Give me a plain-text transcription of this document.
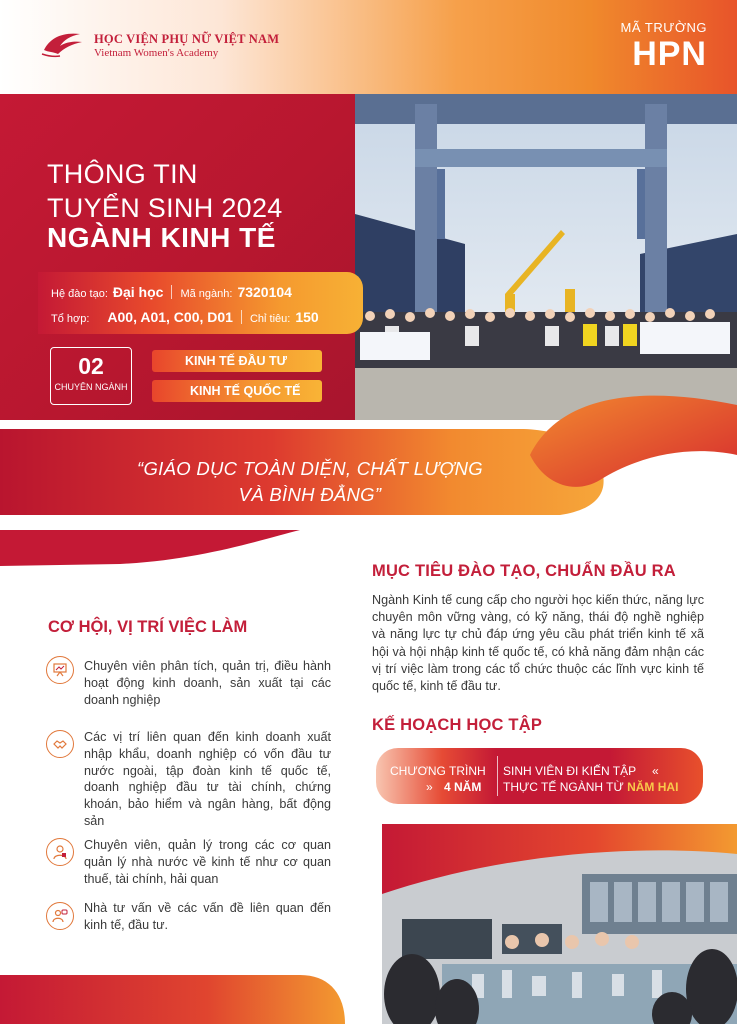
HỌC VIỆN PHỤ NỮ VIỆT NAM
Vietnam Women's Academy
MÃ TRƯỜNG
HPN
THÔNG TIN
TUYỂN SINH 2024
NGÀNH KINH TẾ
Hệ đào tạo: Đại học Mã ngành: 7320104
Tổ hợp: A00, A01, C00, D01 Chỉ tiêu: 150
02
CHUYÊN NGÀNH
KINH TẾ ĐẦU TƯ
KINH TẾ QUỐC TẾ
“GIÁO DỤC TOÀN DIỆN, CHẤT LƯỢNG
VÀ BÌNH ĐẲNG”
MỤC TIÊU ĐÀO TẠO, CHUẨN ĐẦU RA
Ngành Kinh tế cung cấp cho người học kiến thức, năng lực chuyên môn vững vàng, có kỹ năng, thái độ nghề nghiệp và năng lực tự chủ đáp ứng yêu cầu phát triển kinh tế xã hội và hội nhập kinh tế quốc tế, có khả năng đảm nhận các vị trí việc làm trong các tổ chức thuộc các lĩnh vực kinh tế quốc tế, kinh tế đầu tư.
KẾ HOẠCH HỌC TẬP
CHƯƠNG TRÌNH
» 4 NĂM
SINH VIÊN ĐI KIẾN TẬP «
THỰC TẾ NGÀNH TỪ NĂM HAI
CƠ HỘI, VỊ TRÍ VIỆC LÀM
Chuyên viên phân tích, quản trị, điều hành hoạt động kinh doanh, sản xuất tại các doanh nghiệp
Các vị trí liên quan đến kinh doanh xuất nhập khẩu, doanh nghiệp có vốn đầu tư nước ngoài, tập đoàn kinh tế quốc tế, doanh nghiệp đầu tư tài chính, chứng khoán, bảo hiểm và ngân hàng, bất động sản
Chuyên viên, quản lý trong các cơ quan quản lý nhà nước về kinh tế như cơ quan thuế, tài chính, hải quan
Nhà tư vấn về các vấn đề liên quan đến kinh tế, đầu tư.
